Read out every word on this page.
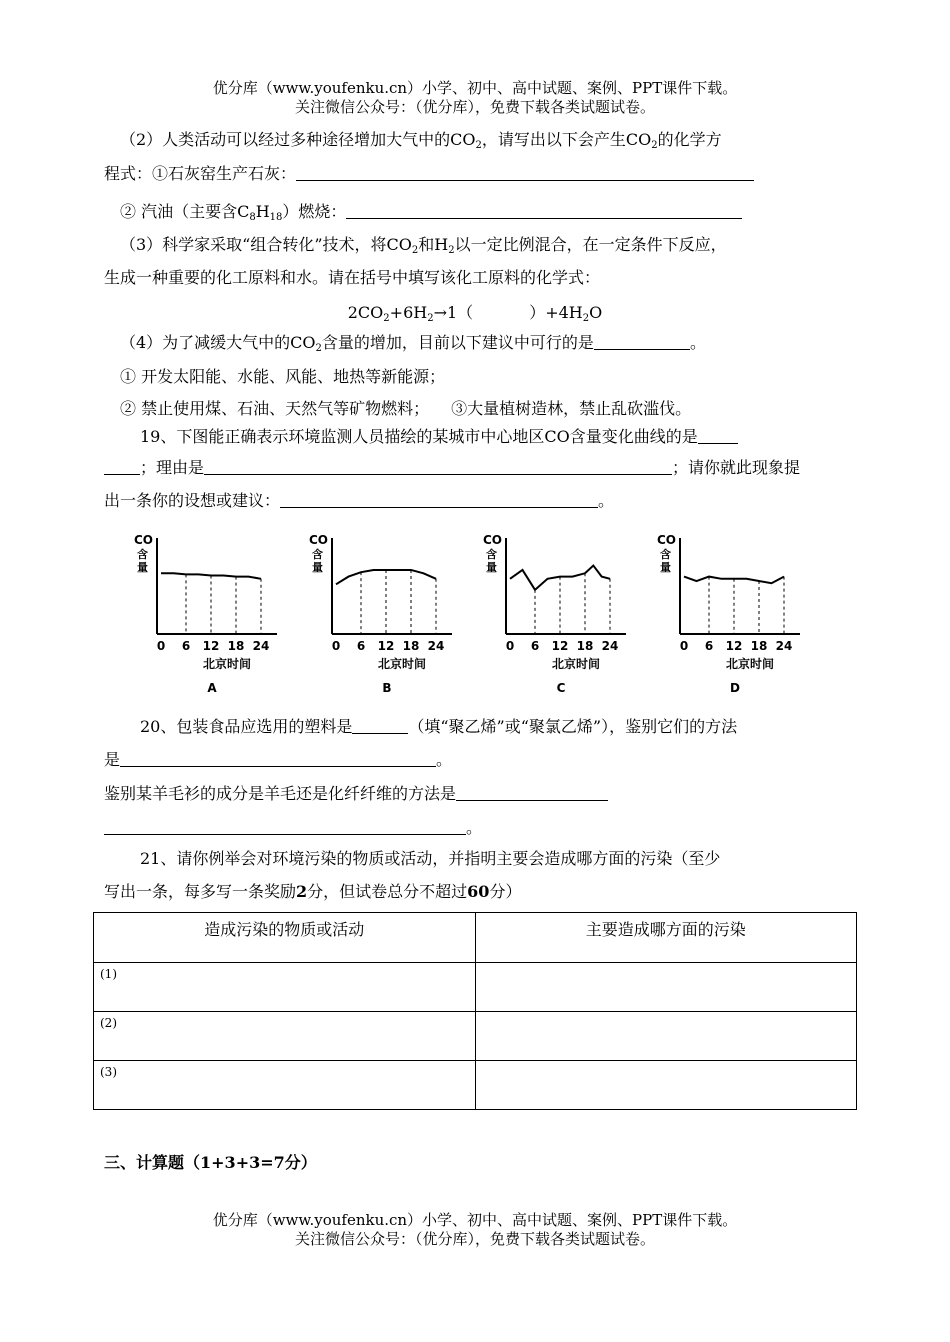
优分库（www.youfenku.cn）小学、初中、高中试题、案例、PPT课件下载。
关注微信公众号：（优分库），免费下载各类试题试卷。
（2）人类活动可以经过多种途径增加大气中的$CO_2$，请写出以下会产生$CO_2$的化学方
程式：①石灰窑生产石灰：
② 汽油（主要含$C_8H_{18}$）燃烧：
（3）科学家采取“组合转化”技术，将$CO_2$和$H_2$以一定比例混合，在一定条件下反应，
生成一种重要的化工原料和水。请在括号中填写该化工原料的化学式：
$2CO_2+6H_2\to 1$（	）$+4H_2O$
（4）为了减缓大气中的$CO_2$含量的增加，目前以下建议中可行的是	。
① 开发太阳能、水能、风能、地热等新能源；
② 禁止使用煤、石油、天然气等矿物燃料； ③大量植树造林，禁止乱砍滥伐。
19、下图能正确表示环境监测人员描绘的某城市中心地区CO含量变化曲线的是
；理由是	；请你就此现象提
出一条你的设想或建议：	。
CO
含
量
0 6 12 18 24
北京时间
A
CO
含
量
0 6 12 18 24
北京时间
B
CO
含
量
0 6 12 18 24
北京时间
C
CO
含
量
0 6 12 18 24
北京时间
D
20、包装食品应选用的塑料是	（填“聚乙烯”或“聚氯乙烯”），鉴别它们的方法
是	。
鉴别某羊毛衫的成分是羊毛还是化纤纤维的方法是
。
21、请你例举会对环境污染的物质或活动，并指明主要会造成哪方面的污染（至少
写出一条，每多写一条奖励2分，但试卷总分不超过60分）
造成污染的物质或活动	主要造成哪方面的污染
(1)	
(2)	
(3)	
三、计算题（1+3+3=7分）
优分库（www.youfenku.cn）小学、初中、高中试题、案例、PPT课件下载。
关注微信公众号：（优分库），免费下载各类试题试卷。
